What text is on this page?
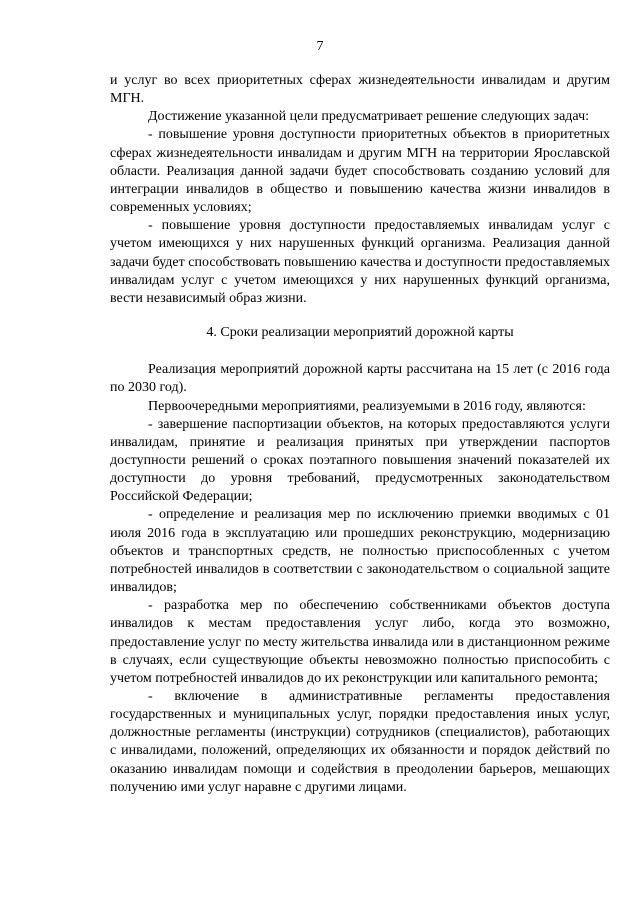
7

и услуг во всех приоритетных сферах жизнедеятельности инвалидам и другим МГН.

Достижение указанной цели предусматривает решение следующих задач:

- повышение уровня доступности приоритетных объектов в приоритетных сферах жизнедеятельности инвалидам и другим МГН на территории Ярославской области. Реализация данной задачи будет способствовать созданию условий для интеграции инвалидов в общество и повышению качества жизни инвалидов в современных условиях;

- повышение уровня доступности предоставляемых инвалидам услуг с учетом имеющихся у них нарушенных функций организма. Реализация данной задачи будет способствовать повышению качества и доступности предоставляемых инвалидам услуг с учетом имеющихся у них нарушенных функций организма, вести независимый образ жизни.

4. Сроки реализации мероприятий дорожной карты

Реализация мероприятий дорожной карты рассчитана на 15 лет (с 2016 года по 2030 год).

Первоочередными мероприятиями, реализуемыми в 2016 году, являются:

- завершение паспортизации объектов, на которых предоставляются услуги инвалидам, принятие и реализация принятых при утверждении паспортов доступности решений о сроках поэтапного повышения значений показателей их доступности до уровня требований, предусмотренных законодательством Российской Федерации;

- определение и реализация мер по исключению приемки вводимых с 01 июля 2016 года в эксплуатацию или прошедших реконструкцию, модернизацию объектов и транспортных средств, не полностью приспособленных с учетом потребностей инвалидов в соответствии с законодательством о социальной защите инвалидов;

- разработка мер по обеспечению собственниками объектов доступа инвалидов к местам предоставления услуг либо, когда это возможно, предоставление услуг по месту жительства инвалида или в дистанционном режиме в случаях, если существующие объекты невозможно полностью приспособить с учетом потребностей инвалидов до их реконструкции или капитального ремонта;

- включение в административные регламенты предоставления государственных и муниципальных услуг, порядки предоставления иных услуг, должностные регламенты (инструкции) сотрудников (специалистов), работающих с инвалидами, положений, определяющих их обязанности и порядок действий по оказанию инвалидам помощи и содействия в преодолении барьеров, мешающих получению ими услуг наравне с другими лицами.
